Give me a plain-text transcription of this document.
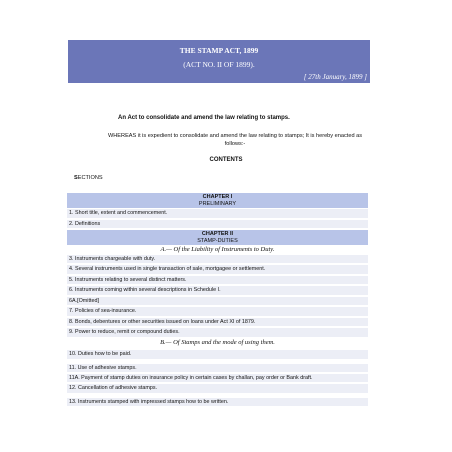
THE STAMP ACT, 1899
(ACT NO. II OF 1899).
[ 27th January, 1899 ]
An Act to consolidate and amend the law relating to stamps.
WHEREAS it is expedient to consolidate and amend the law relating to stamps; It is hereby enacted as follows:-
CONTENTS
SECTIONS
CHAPTER I
PRELIMINARY
1. Short title, extent and commencement.
2. Definitions
CHAPTER II
STAMP-DUTIES
A.— Of the Liability of Instruments to Duty.
3. Instruments chargeable with duty.
4. Several instruments used in single transaction of sale, mortgagee or settlement.
5. Instruments relating to several distinct matters.
6. Instruments coming within several descriptions in Schedule I.
6A.[Omitted]
7. Policies of sea-insurance.
8. Bonds, debentures or other securities issued on loans under Act XI of 1879.
9. Power to reduce, remit or compound duties.
B.— Of Stamps and the mode of using them.
10. Duties how to be paid.
11. Use of adhesive stamps.
11A. Payment of stamp duties on insurance policy in certain cases by challan, pay order or Bank draft.
12. Cancellation of adhesive stamps.
13. Instruments stamped with impressed stamps how to be written.
